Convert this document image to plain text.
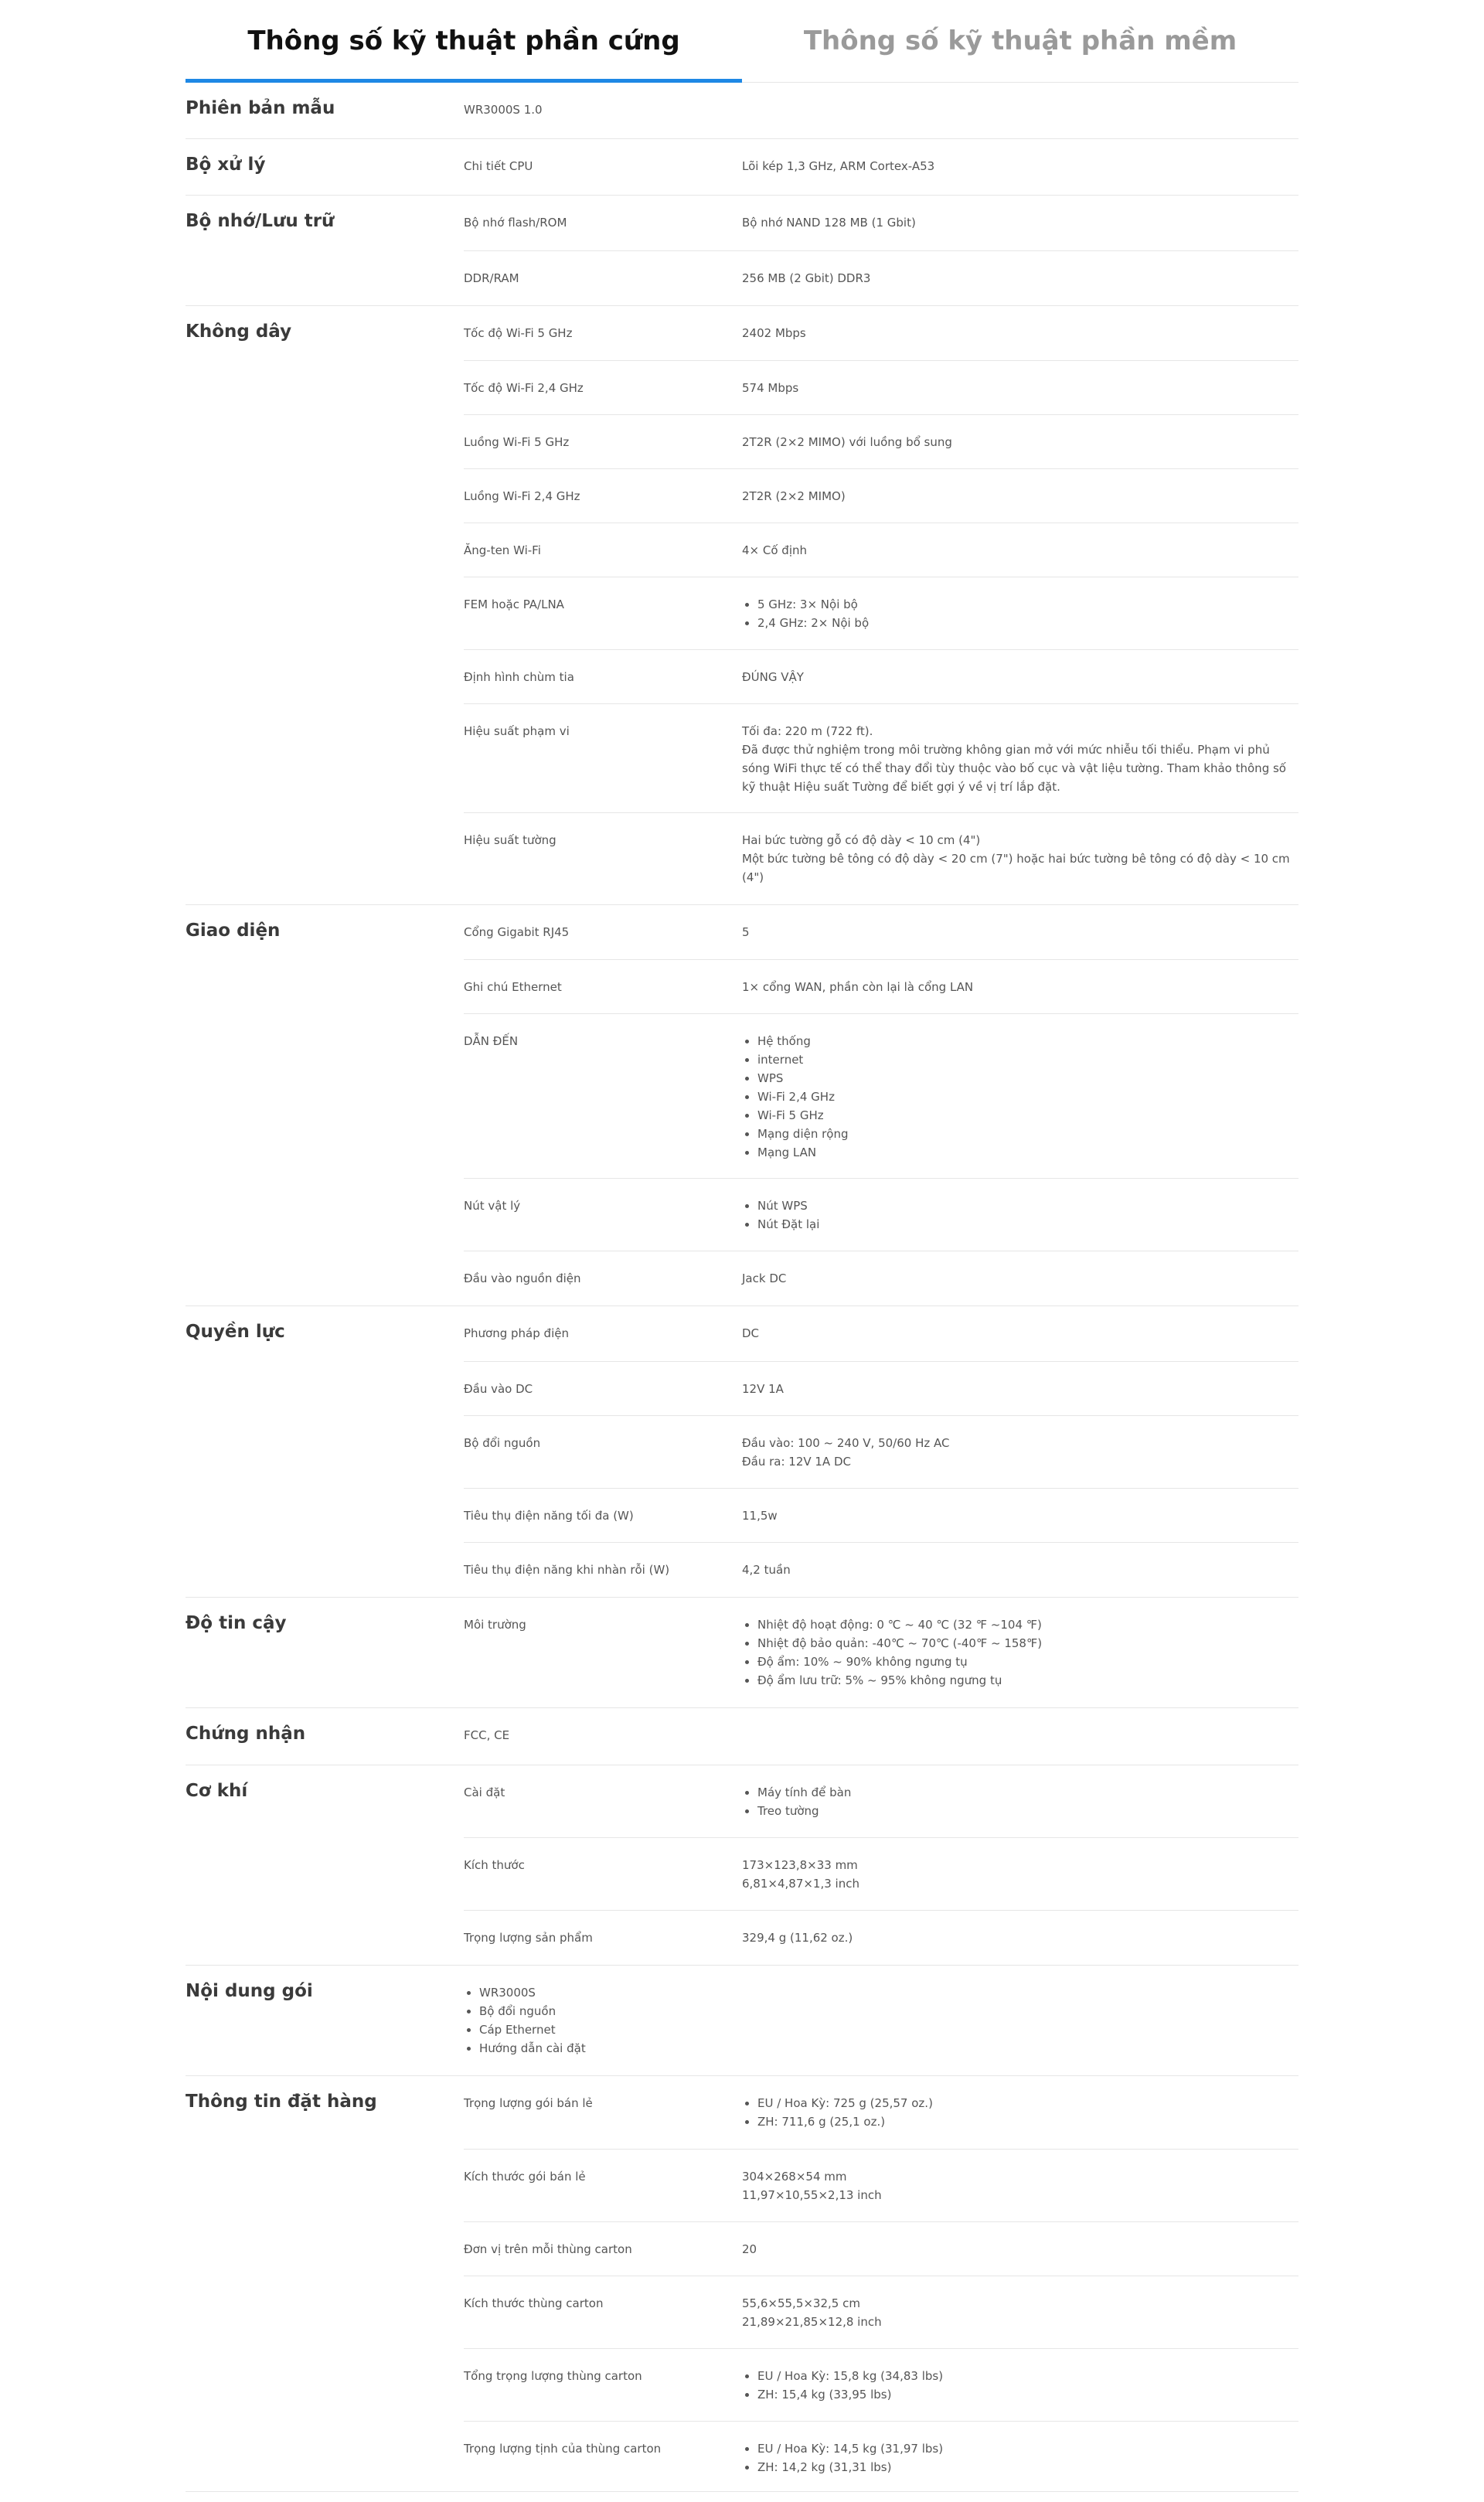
Thông số kỹ thuật phần cứng	Thông số kỹ thuật phần mềm
Phiên bản mẫu	WR3000S 1.0
Bộ xử lý	Chi tiết CPU	Lõi kép 1,3 GHz, ARM Cortex-A53
Bộ nhớ/Lưu trữ	Bộ nhớ flash/ROM	Bộ nhớ NAND 128 MB (1 Gbit)
DDR/RAM	256 MB (2 Gbit) DDR3
Không dây	Tốc độ Wi-Fi 5 GHz	2402 Mbps
Tốc độ Wi-Fi 2,4 GHz	574 Mbps
Luồng Wi-Fi 5 GHz	2T2R (2×2 MIMO) với luồng bổ sung
Luồng Wi-Fi 2,4 GHz	2T2R (2×2 MIMO)
Ăng-ten Wi-Fi	4× Cố định
FEM hoặc PA/LNA	• 5 GHz: 3× Nội bộ
• 2,4 GHz: 2× Nội bộ
Định hình chùm tia	ĐÚNG VẬY
Hiệu suất phạm vi	Tối đa: 220 m (722 ft).
Đã được thử nghiệm trong môi trường không gian mở với mức nhiễu tối thiểu. Phạm vi phủ sóng WiFi thực tế có thể thay đổi tùy thuộc vào bố cục và vật liệu tường. Tham khảo thông số kỹ thuật Hiệu suất Tường để biết gợi ý về vị trí lắp đặt.
Hiệu suất tường	Hai bức tường gỗ có độ dày < 10 cm (4")
Một bức tường bê tông có độ dày < 20 cm (7") hoặc hai bức tường bê tông có độ dày < 10 cm (4")
Giao diện	Cổng Gigabit RJ45	5
Ghi chú Ethernet	1× cổng WAN, phần còn lại là cổng LAN
DẪN ĐẾN	• Hệ thống
• internet
• WPS
• Wi-Fi 2,4 GHz
• Wi-Fi 5 GHz
• Mạng diện rộng
• Mạng LAN
Nút vật lý	• Nút WPS
• Nút Đặt lại
Đầu vào nguồn điện	Jack DC
Quyền lực	Phương pháp điện	DC
Đầu vào DC	12V 1A
Bộ đổi nguồn	Đầu vào: 100 ~ 240 V, 50/60 Hz AC
Đầu ra: 12V 1A DC
Tiêu thụ điện năng tối đa (W)	11,5w
Tiêu thụ điện năng khi nhàn rỗi (W)	4,2 tuần
Độ tin cậy	Môi trường	• Nhiệt độ hoạt động: 0 ℃ ~ 40 ℃ (32 ℉ ~104 ℉)
• Nhiệt độ bảo quản: -40℃ ~ 70℃ (-40℉ ~ 158℉)
• Độ ẩm: 10% ~ 90% không ngưng tụ
• Độ ẩm lưu trữ: 5% ~ 95% không ngưng tụ
Chứng nhận	FCC, CE
Cơ khí	Cài đặt	• Máy tính để bàn
• Treo tường
Kích thước	173×123,8×33 mm
6,81×4,87×1,3 inch
Trọng lượng sản phẩm	329,4 g (11,62 oz.)
Nội dung gói	• WR3000S
• Bộ đổi nguồn
• Cáp Ethernet
• Hướng dẫn cài đặt
Thông tin đặt hàng	Trọng lượng gói bán lẻ	• EU / Hoa Kỳ: 725 g (25,57 oz.)
• ZH: 711,6 g (25,1 oz.)
Kích thước gói bán lẻ	304×268×54 mm
11,97×10,55×2,13 inch
Đơn vị trên mỗi thùng carton	20
Kích thước thùng carton	55,6×55,5×32,5 cm
21,89×21,85×12,8 inch
Tổng trọng lượng thùng carton	• EU / Hoa Kỳ: 15,8 kg (34,83 lbs)
• ZH: 15,4 kg (33,95 lbs)
Trọng lượng tịnh của thùng carton	• EU / Hoa Kỳ: 14,5 kg (31,97 lbs)
• ZH: 14,2 kg (31,31 lbs)
